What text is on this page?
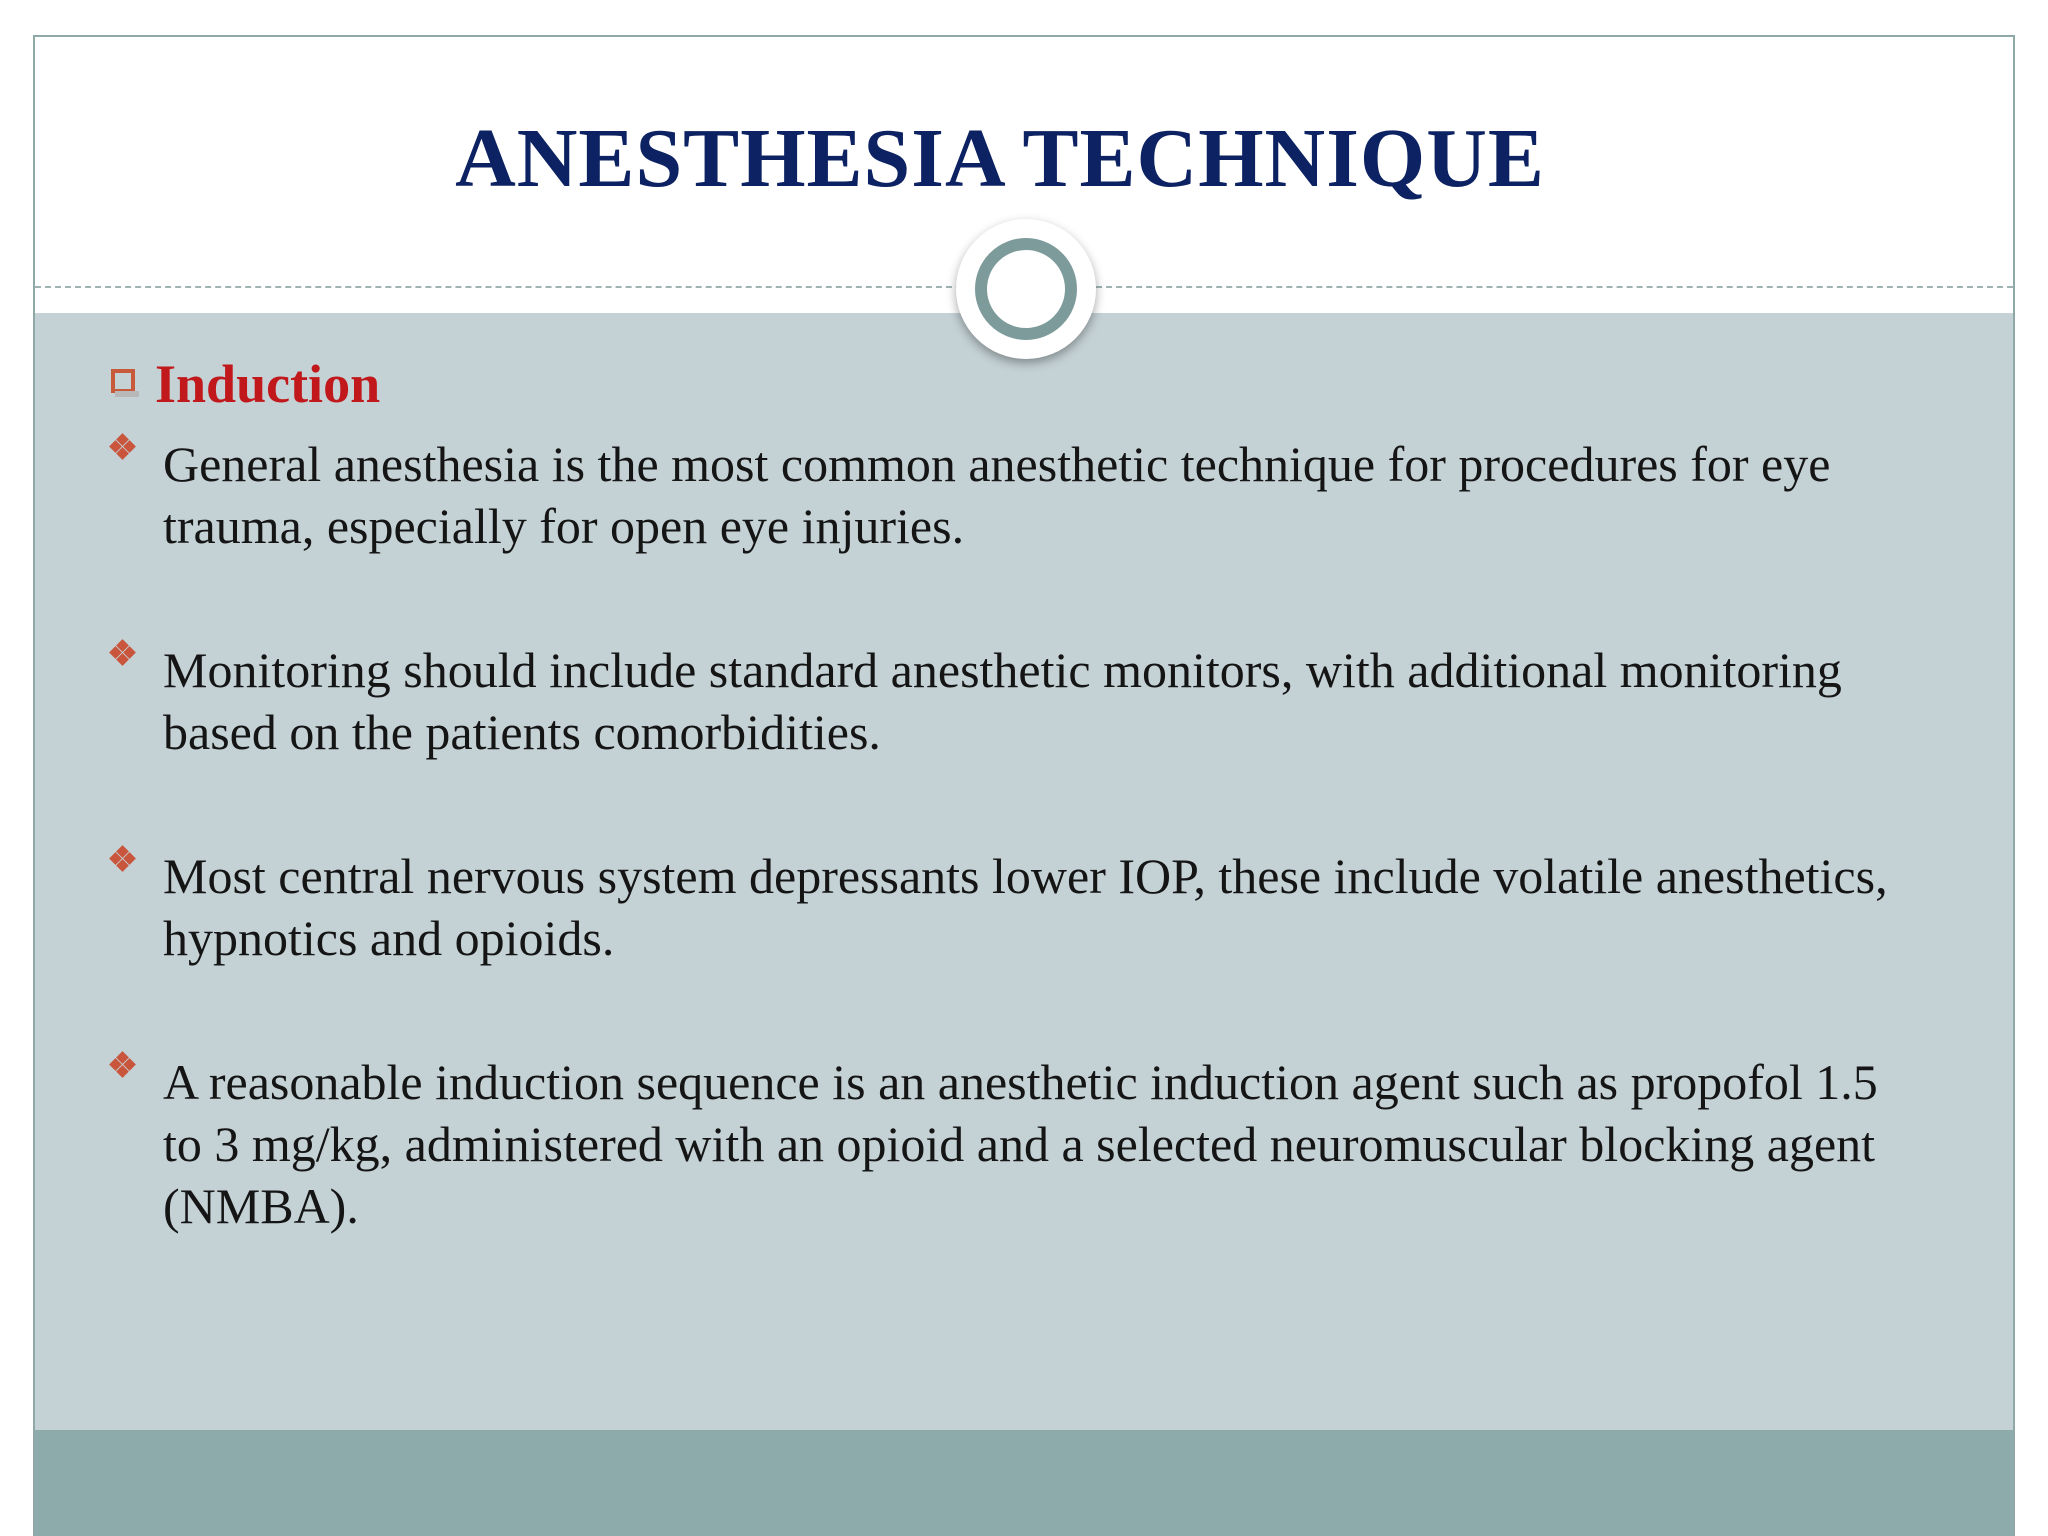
ANESTHESIA TECHNIQUE
Induction
General anesthesia is the most common anesthetic technique for procedures for eye trauma, especially for open eye injuries.
Monitoring should include standard anesthetic monitors, with additional monitoring based on the patients comorbidities.
Most central nervous system depressants lower IOP, these include volatile anesthetics, hypnotics and opioids.
A reasonable induction sequence is an anesthetic induction agent such as propofol 1.5 to 3 mg/kg, administered with an opioid and a selected neuromuscular blocking agent (NMBA).
